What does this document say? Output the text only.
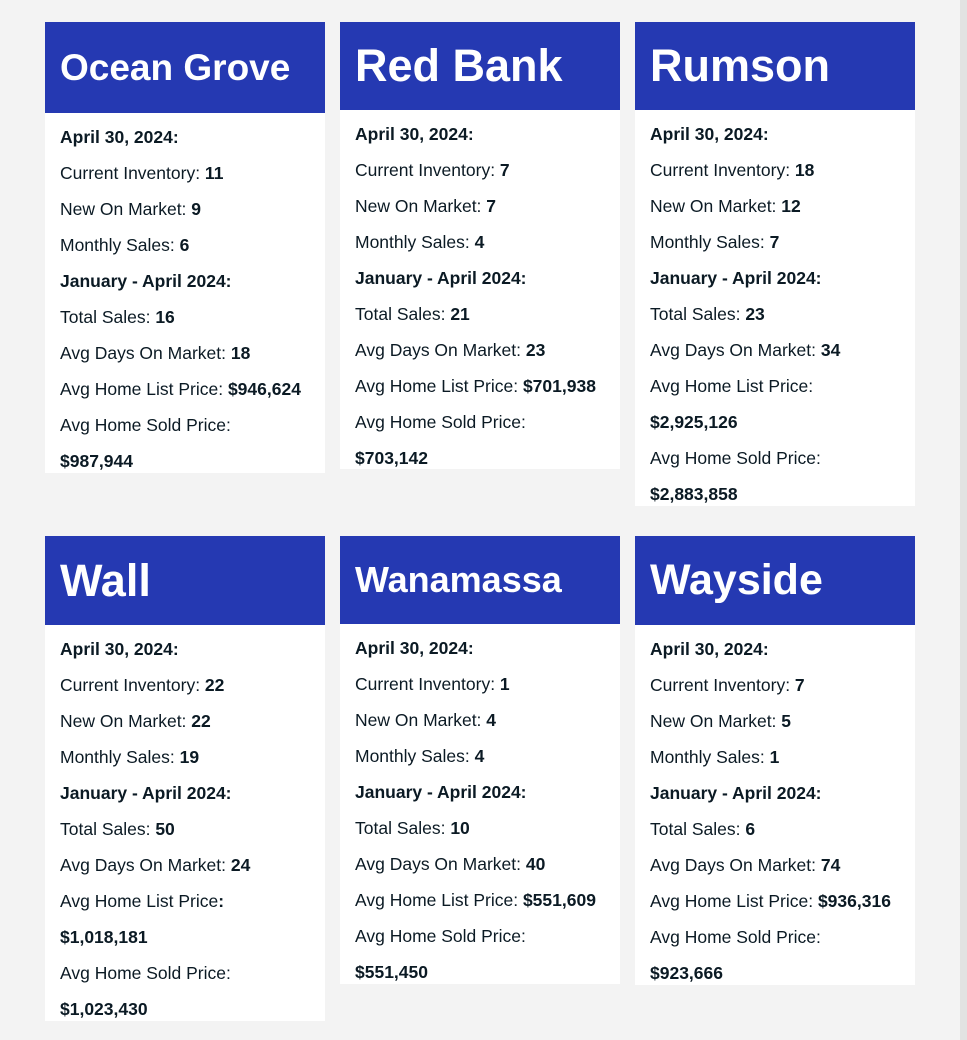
Ocean Grove
April 30, 2024:
Current Inventory: 11
New On Market: 9
Monthly Sales: 6
January - April 2024:
Total Sales: 16
Avg Days On Market: 18
Avg Home List Price: $946,624
Avg Home Sold Price:
$987,944
Red Bank
April 30, 2024:
Current Inventory: 7
New On Market: 7
Monthly Sales: 4
January - April 2024:
Total Sales: 21
Avg Days On Market: 23
Avg Home List Price: $701,938
Avg Home Sold Price:
$703,142
Rumson
April 30, 2024:
Current Inventory: 18
New On Market: 12
Monthly Sales: 7
January - April 2024:
Total Sales: 23
Avg Days On Market: 34
Avg Home List Price:
$2,925,126
Avg Home Sold Price:
$2,883,858
Wall
April 30, 2024:
Current Inventory: 22
New On Market: 22
Monthly Sales: 19
January - April 2024:
Total Sales: 50
Avg Days On Market: 24
Avg Home List Price:
$1,018,181
Avg Home Sold Price:
$1,023,430
Wanamassa
April 30, 2024:
Current Inventory: 1
New On Market: 4
Monthly Sales: 4
January - April 2024:
Total Sales: 10
Avg Days On Market: 40
Avg Home List Price: $551,609
Avg Home Sold Price:
$551,450
Wayside
April 30, 2024:
Current Inventory: 7
New On Market: 5
Monthly Sales: 1
January - April 2024:
Total Sales: 6
Avg Days On Market: 74
Avg Home List Price: $936,316
Avg Home Sold Price:
$923,666
